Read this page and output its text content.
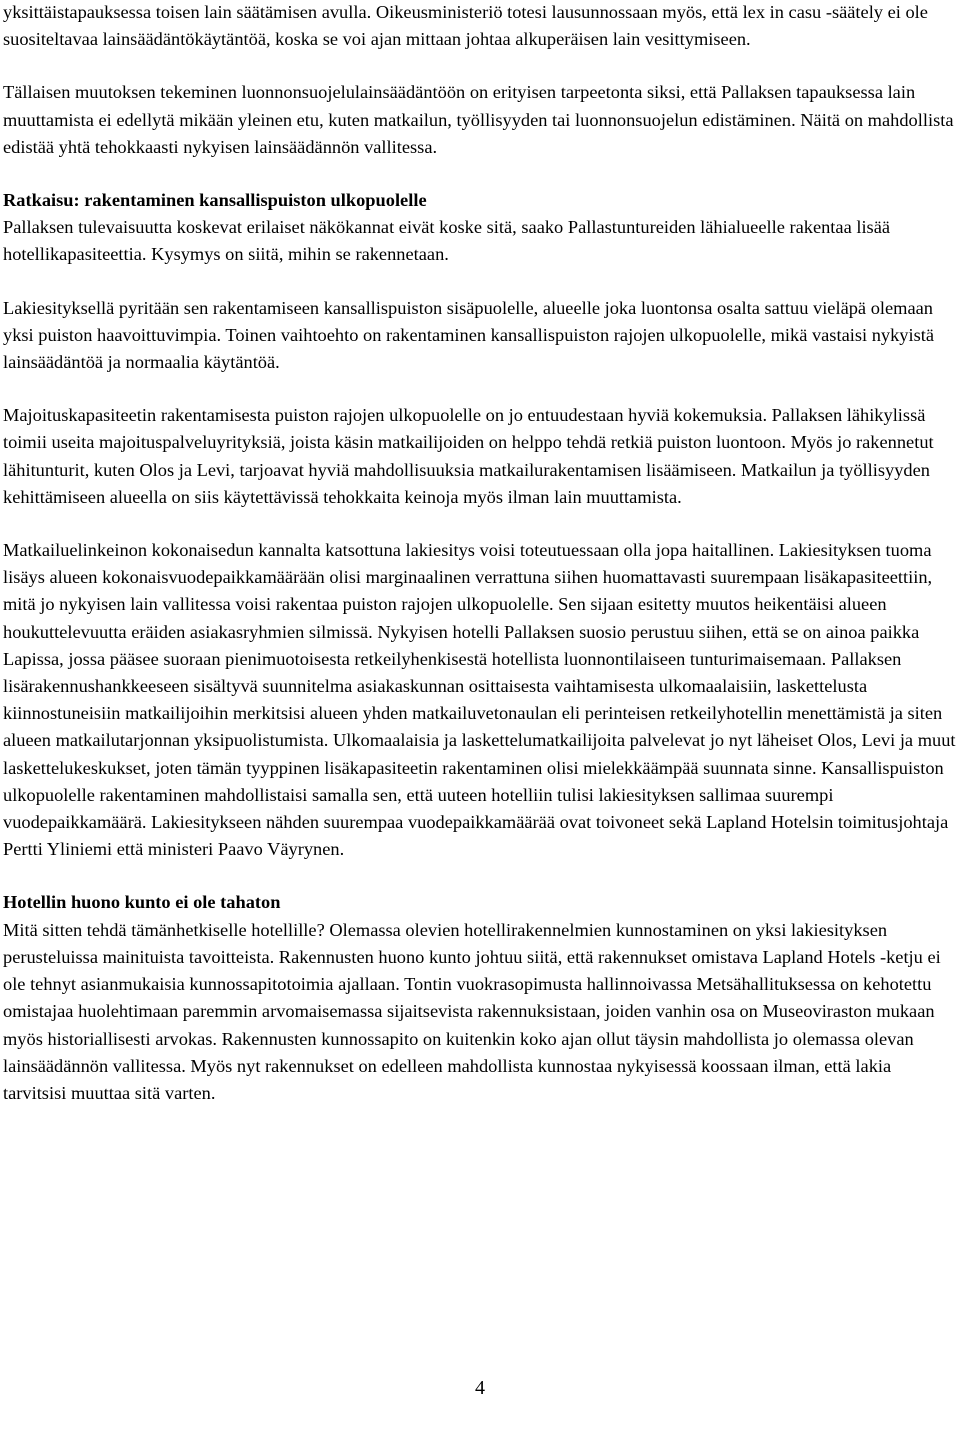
yksittäistapauksessa toisen lain säätämisen avulla. Oikeusministeriö totesi lausunnossaan myös, että lex in casu -säätely ei ole suositeltavaa lainsäädäntökäytäntöä, koska se voi ajan mittaan johtaa alkuperäisen lain vesittymiseen.

Tällaisen muutoksen tekeminen luonnonsuojelulainsäädäntöön on erityisen tarpeetonta siksi, että Pallaksen tapauksessa lain muuttamista ei edellytä mikään yleinen etu, kuten matkailun, työllisyyden tai luonnonsuojelun edistäminen. Näitä on mahdollista edistää yhtä tehokkaasti nykyisen lainsäädännön vallitessa.

Ratkaisu: rakentaminen kansallispuiston ulkopuolelle
Pallaksen tulevaisuutta koskevat erilaiset näkökannat eivät koske sitä, saako Pallastuntureiden lähialueelle rakentaa lisää hotellikapasiteettia. Kysymys on siitä, mihin se rakennetaan.

Lakiesityksellä pyritään sen rakentamiseen kansallispuiston sisäpuolelle, alueelle joka luontonsa osalta sattuu vieläpä olemaan yksi puiston haavoittuvimpia. Toinen vaihtoehto on rakentaminen kansallispuiston rajojen ulkopuolelle, mikä vastaisi nykyistä lainsäädäntöä ja normaalia käytäntöä.

Majoituskapasiteetin rakentamisesta puiston rajojen ulkopuolelle on jo entuudestaan hyviä kokemuksia. Pallaksen lähikylissä toimii useita majoituspalveluyrityksiä, joista käsin matkailijoiden on helppo tehdä retkiä puiston luontoon. Myös jo rakennetut lähitunturit, kuten Olos ja Levi, tarjoavat hyviä mahdollisuuksia matkailurakentamisen lisäämiseen. Matkailun ja työllisyyden kehittämiseen alueella on siis käytettävissä tehokkaita keinoja myös ilman lain muuttamista.

Matkailuelinkeinon kokonaisedun kannalta katsottuna lakiesitys voisi toteutuessaan olla jopa haitallinen. Lakiesityksen tuoma lisäys alueen kokonaisvuodepaikkamäärään olisi marginaalinen verrattuna siihen huomattavasti suurempaan lisäkapasiteettiin, mitä jo nykyisen lain vallitessa voisi rakentaa puiston rajojen ulkopuolelle. Sen sijaan esitetty muutos heikentäisi alueen houkuttelevuutta eräiden asiakasryhmien silmissä. Nykyisen hotelli Pallaksen suosio perustuu siihen, että se on ainoa paikka Lapissa, jossa pääsee suoraan pienimuotoisesta retkeilyhenkisestä hotellista luonnontilaiseen tunturimaisemaan. Pallaksen lisärakennushankkeeseen sisältyvä suunnitelma asiakaskunnan osittaisesta vaihtamisesta ulkomaalaisiin, laskettelusta kiinnostuneisiin matkailijoihin merkitsisi alueen yhden matkailuvetonaulan eli perinteisen retkeilyhotellin menettämistä ja siten alueen matkailutarjonnan yksipuolistumista. Ulkomaalaisia ja laskettelumatkailijoita palvelevat jo nyt läheiset Olos, Levi ja muut laskettelukeskukset, joten tämän tyyppinen lisäkapasiteetin rakentaminen olisi mielekkäämpää suunnata sinne. Kansallispuiston ulkopuolelle rakentaminen mahdollistaisi samalla sen, että uuteen hotelliin tulisi lakiesityksen sallimaa suurempi vuodepaikkamäärä. Lakiesitykseen nähden suurempaa vuodepaikkamäärää ovat toivoneet sekä Lapland Hotelsin toimitusjohtaja Pertti Yliniemi että ministeri Paavo Väyrynen.

Hotellin huono kunto ei ole tahaton
Mitä sitten tehdä tämänhetkiselle hotellille? Olemassa olevien hotellirakennelmien kunnostaminen on yksi lakiesityksen perusteluissa mainituista tavoitteista. Rakennusten huono kunto johtuu siitä, että rakennukset omistava Lapland Hotels -ketju ei ole tehnyt asianmukaisia kunnossapitotoimia ajallaan. Tontin vuokrasopimusta hallinnoivassa Metsähallituksessa on kehotettu omistajaa huolehtimaan paremmin arvomaisemassa sijaitsevista rakennuksistaan, joiden vanhin osa on Museoviraston mukaan myös historiallisesti arvokas. Rakennusten kunnossapito on kuitenkin koko ajan ollut täysin mahdollista jo olemassa olevan lainsäädännön vallitessa. Myös nyt rakennukset on edelleen mahdollista kunnostaa nykyisessä koossaan ilman, että lakia tarvitsisi muuttaa sitä varten.

4
